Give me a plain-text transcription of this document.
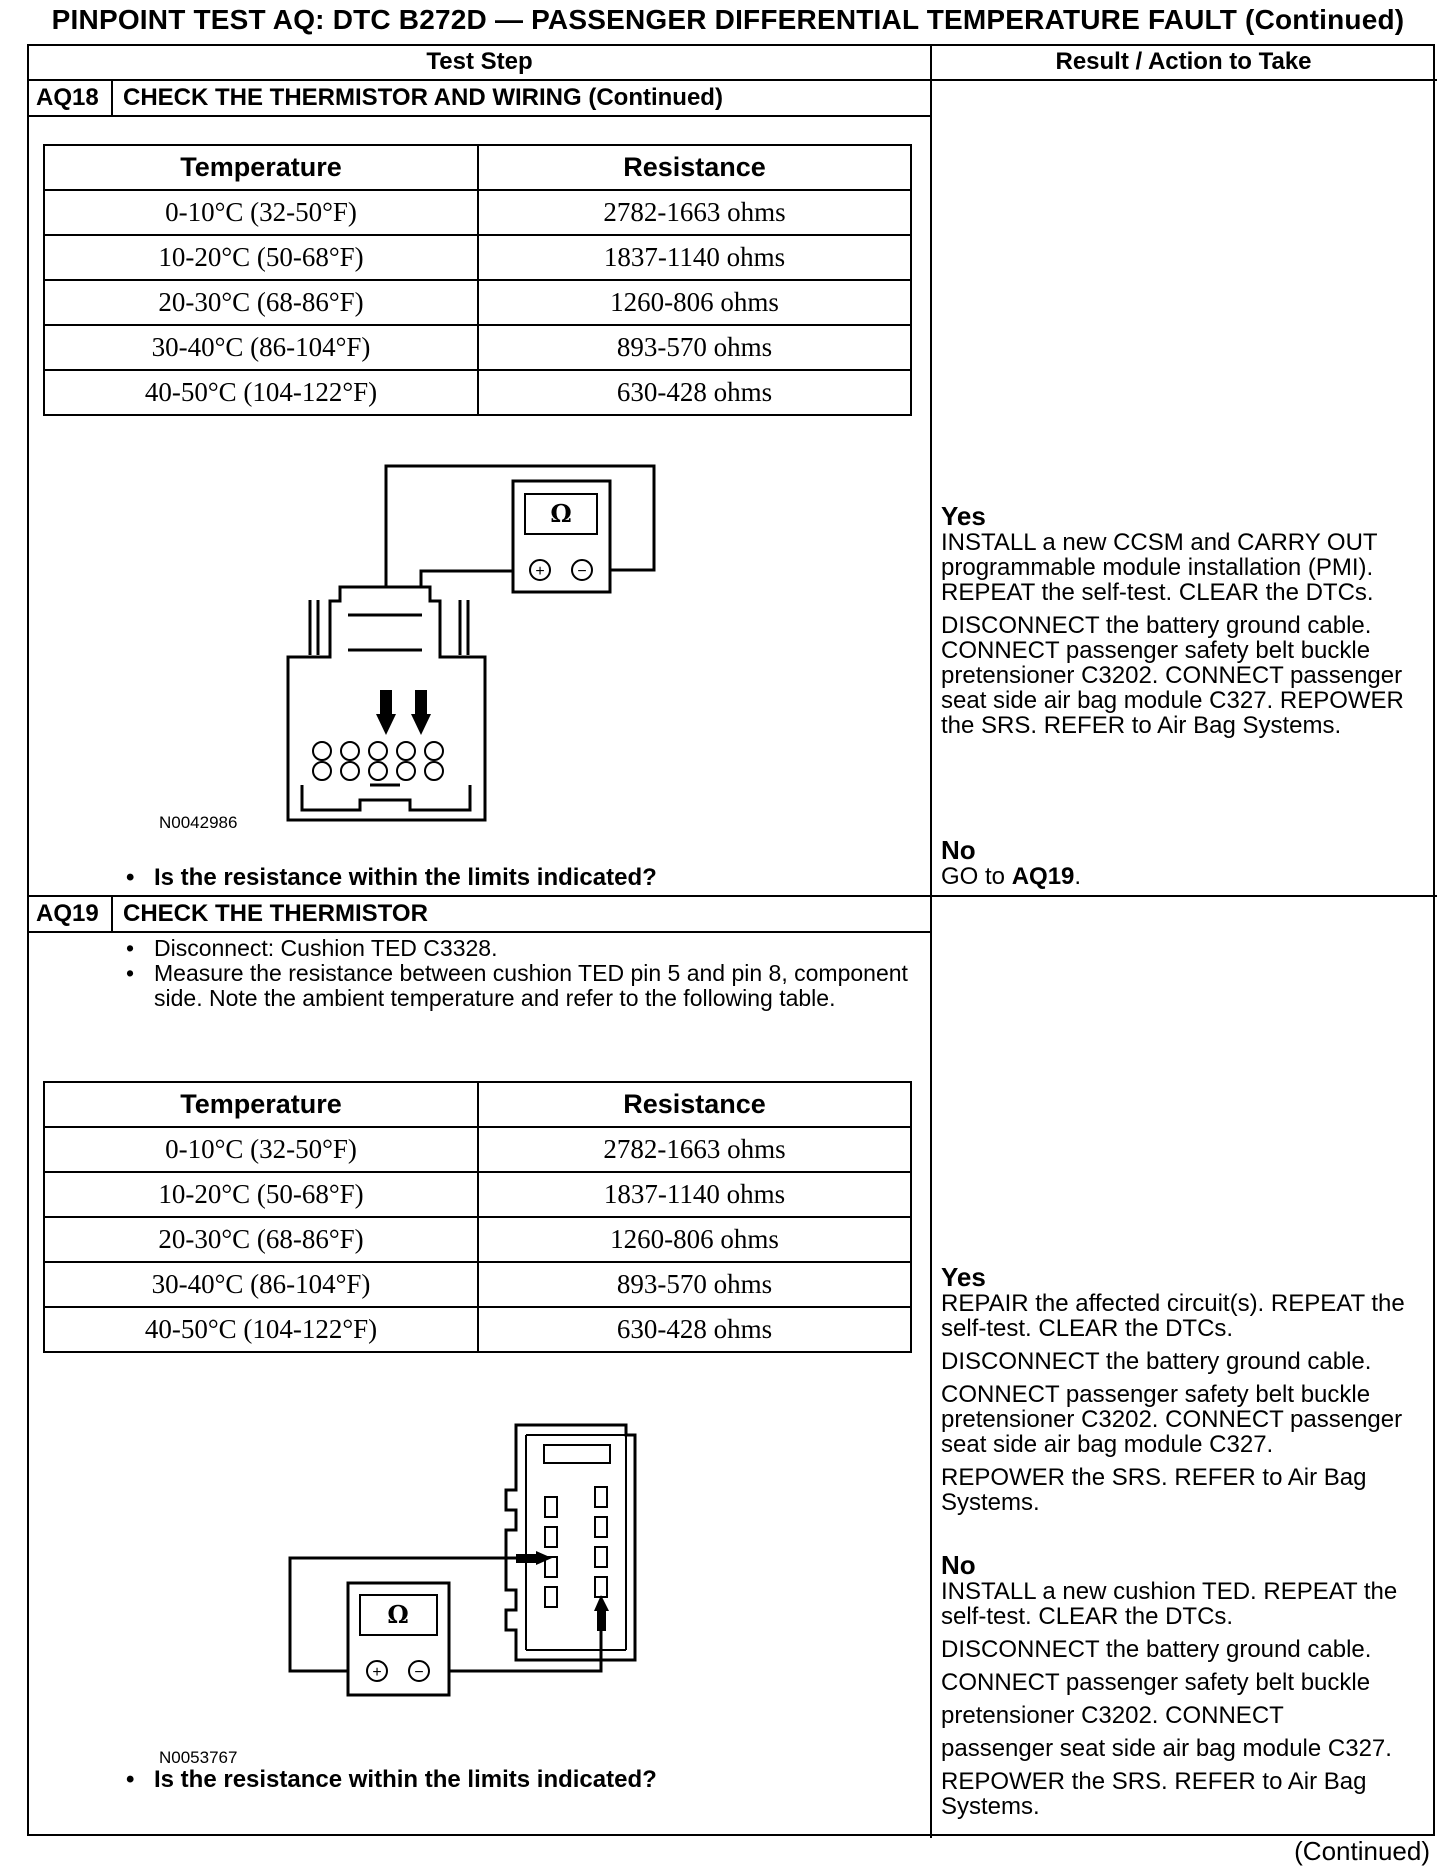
PINPOINT TEST AQ: DTC B272D — PASSENGER DIFFERENTIAL TEMPERATURE FAULT (Continued)
Test Step	Result / Action to Take
AQ18 CHECK THE THERMISTOR AND WIRING (Continued)
Temperature	Resistance
0-10°C (32-50°F)	2782-1663 ohms
10-20°C (50-68°F)	1837-1140 ohms
20-30°C (68-86°F)	1260-806 ohms
30-40°C (86-104°F)	893-570 ohms
40-50°C (104-122°F)	630-428 ohms
Ω
+ −
N0042986
• Is the resistance within the limits indicated?
Yes

INSTALL a new CCSM and CARRY OUT programmable module installation (PMI). REPEAT the self-test. CLEAR the DTCs.

DISCONNECT the battery ground cable. CONNECT passenger safety belt buckle pretensioner C3202. CONNECT passenger seat side air bag module C327. REPOWER the SRS. REFER to Air Bag Systems.

No
GO to AQ19.
AQ19 CHECK THE THERMISTOR
• Disconnect: Cushion TED C3328.
• Measure the resistance between cushion TED pin 5 and pin 8, component side. Note the ambient temperature and refer to the following table.
Temperature	Resistance
0-10°C (32-50°F)	2782-1663 ohms
10-20°C (50-68°F)	1837-1140 ohms
20-30°C (68-86°F)	1260-806 ohms
30-40°C (86-104°F)	893-570 ohms
40-50°C (104-122°F)	630-428 ohms
Ω
+ −
N0053767
• Is the resistance within the limits indicated?
Yes

REPAIR the affected circuit(s). REPEAT the self-test. CLEAR the DTCs.

DISCONNECT the battery ground cable.

CONNECT passenger safety belt buckle pretensioner C3202. CONNECT passenger seat side air bag module C327.

REPOWER the SRS. REFER to Air Bag Systems.

No

INSTALL a new cushion TED. REPEAT the self-test. CLEAR the DTCs.

DISCONNECT the battery ground cable.

CONNECT passenger safety belt buckle

pretensioner C3202. CONNECT

passenger seat side air bag module C327.

REPOWER the SRS. REFER to Air Bag Systems.

(Continued)
